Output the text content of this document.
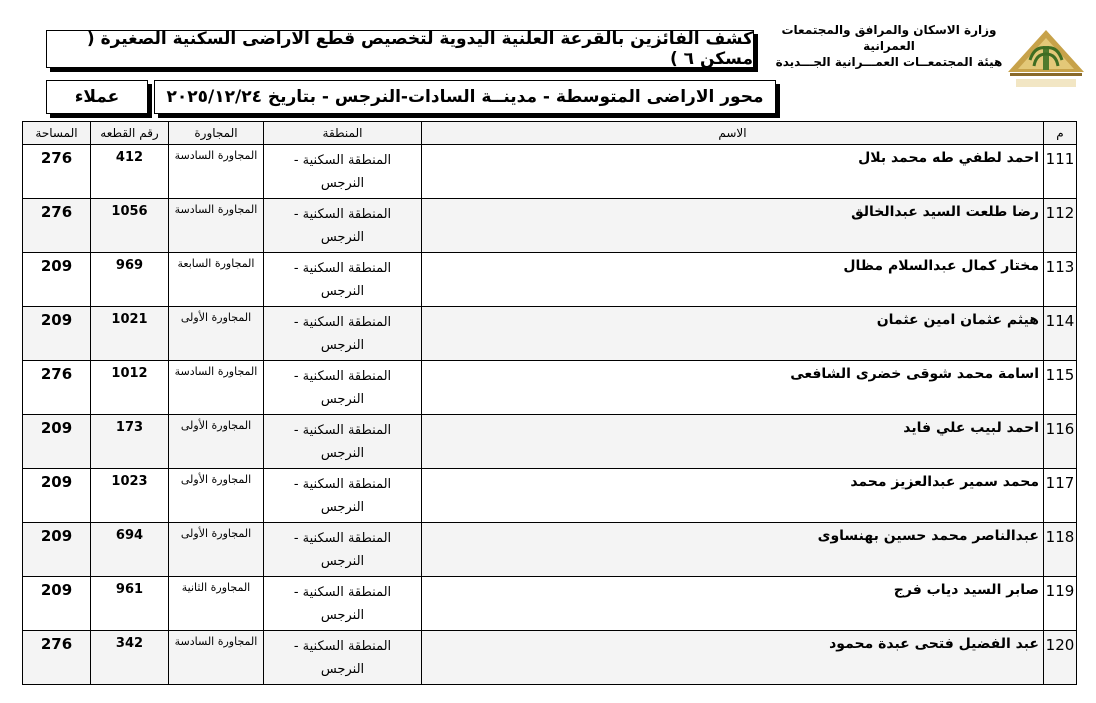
وزارة الاسكان والمرافق والمجتمعات العمرانية
هيئة المجتمعــات العمـــرانية الجـــديدة
كشف الفائزين بالقرعة العلنية اليدوية لتخصيص قطع الاراضى السكنية الصغيرة ( مسكن ٦ )
محور الاراضى المتوسطة - مدينــة السادات-النرجس - بتاريخ ٢٠٢٥/١٢/٢٤
عملاء
المساحة	رقم القطعه	المجاورة	المنطقة	الاسم	م
276	412	المجاورة السادسة	المنطقة السكنية - النرجس	احمد لطفي طه محمد بلال	111
276	1056	المجاورة السادسة	المنطقة السكنية - النرجس	رضا طلعت السيد عبدالخالق	112
209	969	المجاورة السابعة	المنطقة السكنية - النرجس	مختار كمال عبدالسلام مظال	113
209	1021	المجاورة الأولى	المنطقة السكنية - النرجس	هيثم عثمان امين عثمان	114
276	1012	المجاورة السادسة	المنطقة السكنية - النرجس	اسامة محمد شوقى خضرى الشافعى	115
209	173	المجاورة الأولى	المنطقة السكنية - النرجس	احمد لبيب علي فايد	116
209	1023	المجاورة الأولى	المنطقة السكنية - النرجس	محمد سمير عبدالعزيز محمد	117
209	694	المجاورة الأولى	المنطقة السكنية - النرجس	عبدالناصر محمد حسين بهنساوى	118
209	961	المجاورة الثانية	المنطقة السكنية - النرجس	صابر السيد دياب فرج	119
276	342	المجاورة السادسة	المنطقة السكنية - النرجس	عبد الفضيل فتحى عبدة محمود	120
